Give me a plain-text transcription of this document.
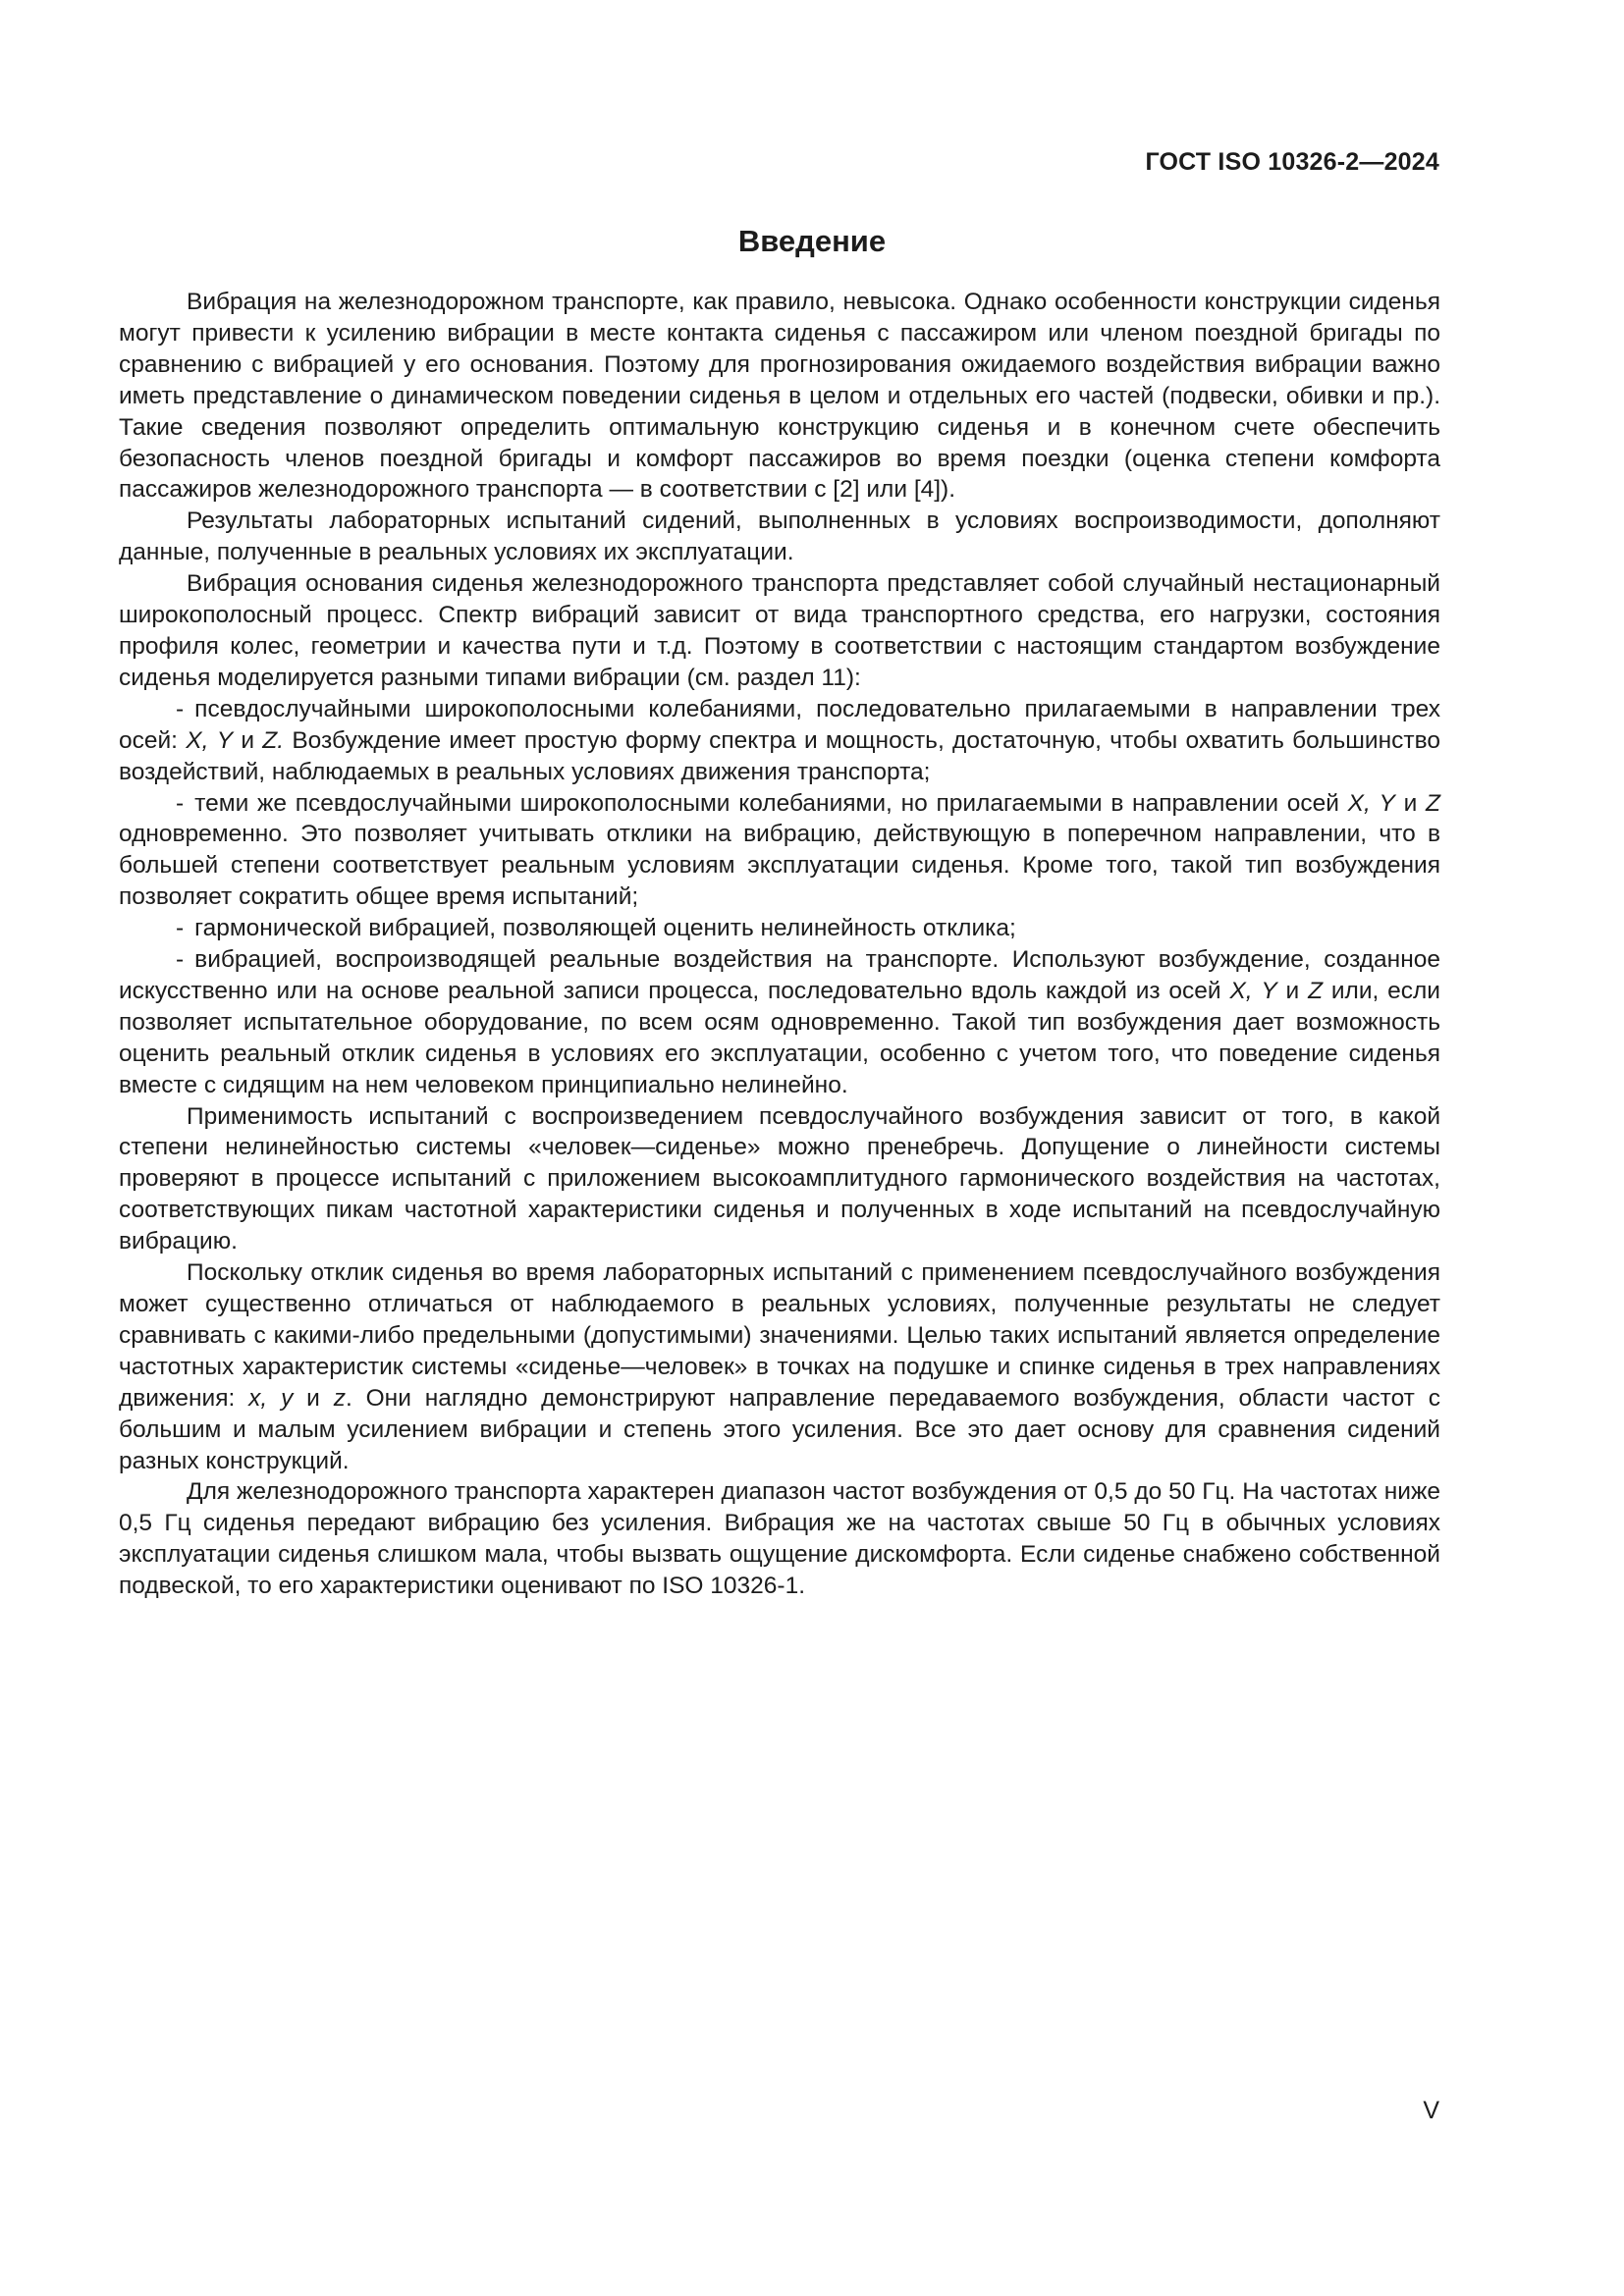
ГОСТ ISO 10326-2—2024
Введение

Вибрация на железнодорожном транспорте, как правило, невысока. Однако особенности конструкции сиденья могут привести к усилению вибрации в месте контакта сиденья с пассажиром или членом поездной бригады по сравнению с вибрацией у его основания. Поэтому для прогнозирования ожидаемого воздействия вибрации важно иметь представление о динамическом поведении сиденья в целом и отдельных его частей (подвески, обивки и пр.). Такие сведения позволяют определить оптимальную конструкцию сиденья и в конечном счете обеспечить безопасность членов поездной бригады и комфорт пассажиров во время поездки (оценка степени комфорта пассажиров железнодорожного транспорта — в соответствии с [2] или [4]).

Результаты лабораторных испытаний сидений, выполненных в условиях воспроизводимости, дополняют данные, полученные в реальных условиях их эксплуатации.

Вибрация основания сиденья железнодорожного транспорта представляет собой случайный нестационарный широкополосный процесс. Спектр вибраций зависит от вида транспортного средства, его нагрузки, состояния профиля колес, геометрии и качества пути и т.д. Поэтому в соответствии с настоящим стандартом возбуждение сиденья моделируется разными типами вибрации (см. раздел 11):

- псевдослучайными широкополосными колебаниями, последовательно прилагаемыми в направлении трех осей: X, Y и Z. Возбуждение имеет простую форму спектра и мощность, достаточную, чтобы охватить большинство воздействий, наблюдаемых в реальных условиях движения транспорта;

- теми же псевдослучайными широкополосными колебаниями, но прилагаемыми в направлении осей X, Y и Z одновременно. Это позволяет учитывать отклики на вибрацию, действующую в поперечном направлении, что в большей степени соответствует реальным условиям эксплуатации сиденья. Кроме того, такой тип возбуждения позволяет сократить общее время испытаний;

- гармонической вибрацией, позволяющей оценить нелинейность отклика;

- вибрацией, воспроизводящей реальные воздействия на транспорте. Используют возбуждение, созданное искусственно или на основе реальной записи процесса, последовательно вдоль каждой из осей X, Y и Z или, если позволяет испытательное оборудование, по всем осям одновременно. Такой тип возбуждения дает возможность оценить реальный отклик сиденья в условиях его эксплуатации, особенно с учетом того, что поведение сиденья вместе с сидящим на нем человеком принципиально нелинейно.

Применимость испытаний с воспроизведением псевдослучайного возбуждения зависит от того, в какой степени нелинейностью системы «человек—сиденье» можно пренебречь. Допущение о линейности системы проверяют в процессе испытаний с приложением высокоамплитудного гармонического воздействия на частотах, соответствующих пикам частотной характеристики сиденья и полученных в ходе испытаний на псевдослучайную вибрацию.

Поскольку отклик сиденья во время лабораторных испытаний с применением псевдослучайного возбуждения может существенно отличаться от наблюдаемого в реальных условиях, полученные результаты не следует сравнивать с какими-либо предельными (допустимыми) значениями. Целью таких испытаний является определение частотных характеристик системы «сиденье—человек» в точках на подушке и спинке сиденья в трех направлениях движения: x, y и z. Они наглядно демонстрируют направление передаваемого возбуждения, области частот с большим и малым усилением вибрации и степень этого усиления. Все это дает основу для сравнения сидений разных конструкций.

Для железнодорожного транспорта характерен диапазон частот возбуждения от 0,5 до 50 Гц. На частотах ниже 0,5 Гц сиденья передают вибрацию без усиления. Вибрация же на частотах свыше 50 Гц в обычных условиях эксплуатации сиденья слишком мала, чтобы вызвать ощущение дискомфорта. Если сиденье снабжено собственной подвеской, то его характеристики оценивают по ISO 10326-1.

V
